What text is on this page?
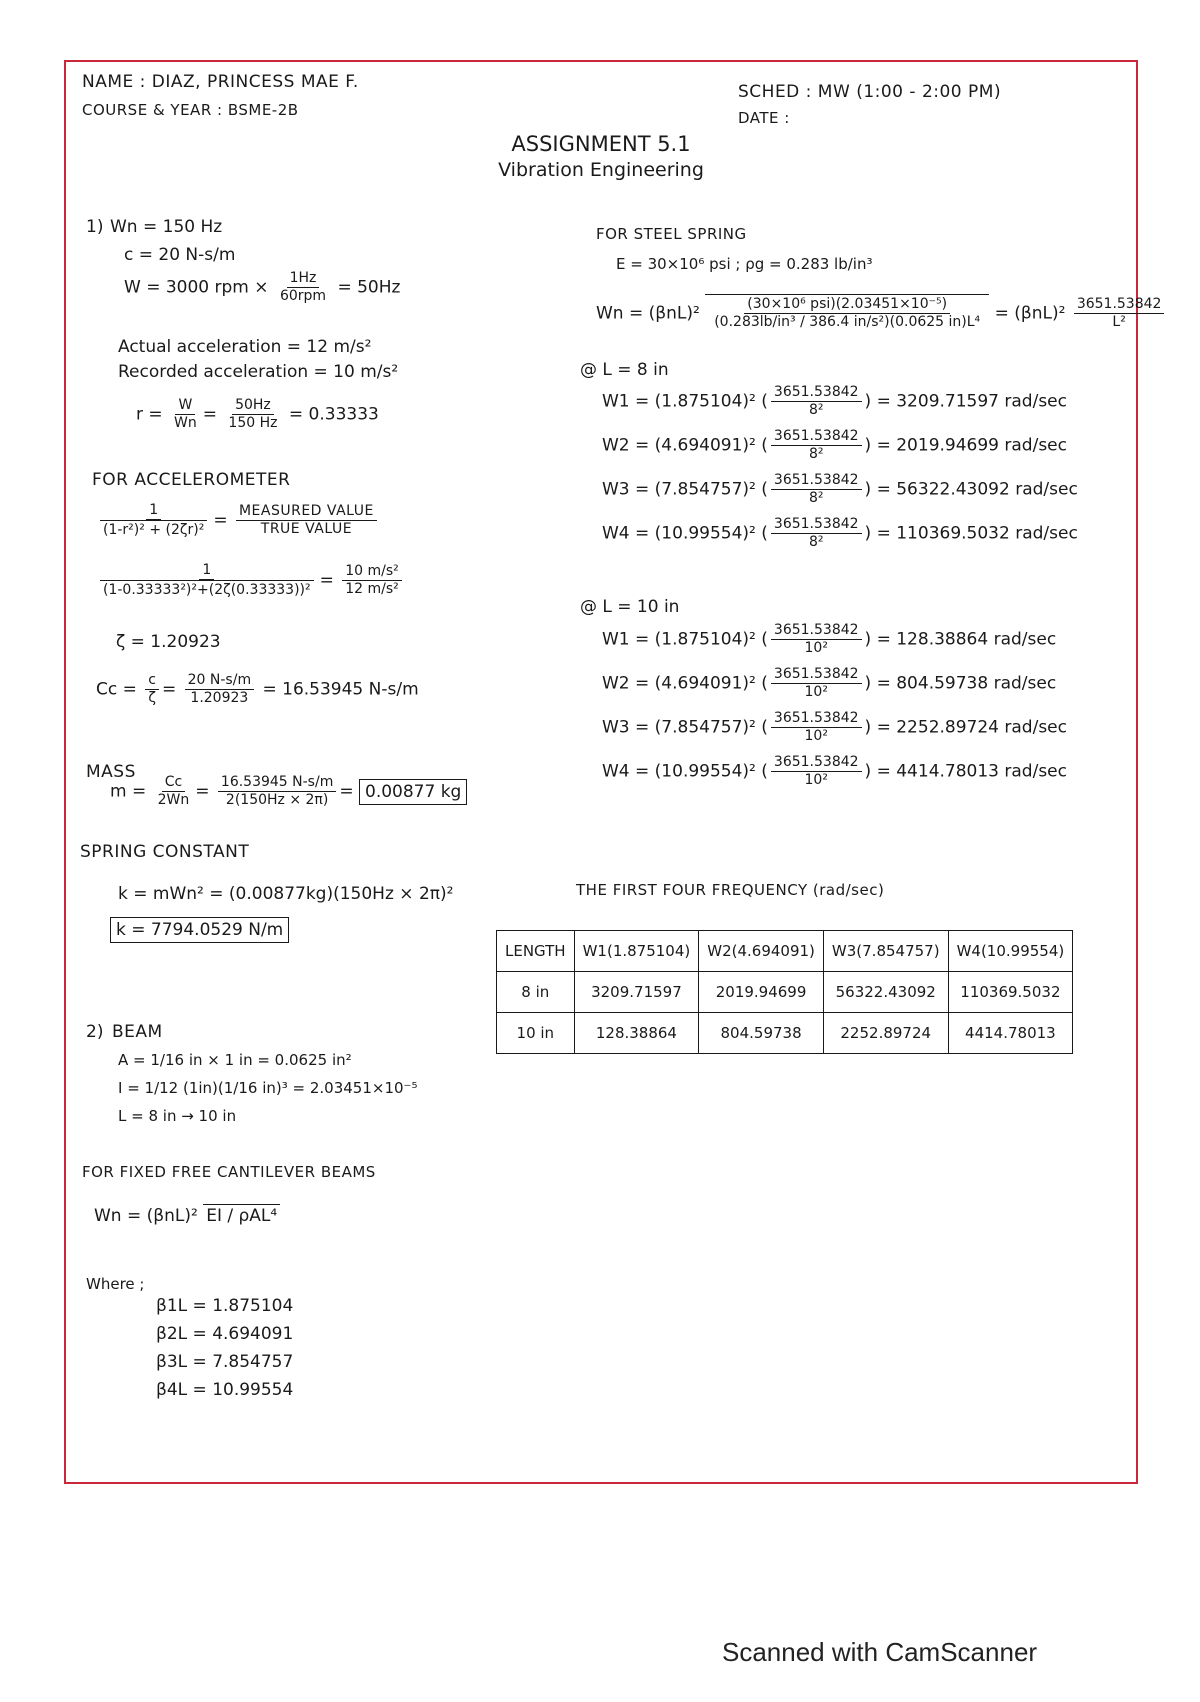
NAME : DIAZ, PRINCESS MAE F.
COURSE & YEAR : BSME-2B
SCHED : MW (1:00 - 2:00 PM)
DATE :
ASSIGNMENT 5.1
Vibration Engineering
1) Wn = 150 Hz
c = 20 N-s/m
W = 3000 rpm × $\frac{1Hz}{\text{60rpm}} = 50Hz$
Actual acceleration = 12 m/s²
Recorded acceleration = 10 m/s²
$r = \frac{W}{Wn} = \frac{50Hz}{150 Hz} = 0.33333$
FOR ACCELEROMETER
$\frac{1}{\text{(1-r²)² + (2ζr)²}} = \frac{\text{MEASURED VALUE}}{\text{TRUE VALUE}}$
$\frac{1}{\text{(1-0.33333²)²+(2ζ(0.33333))²}} = \frac{\text{10 m/s²}}{\text{12 m/s²}}$
ζ = 1.20923
$Cc = \frac{c}{\zeta} = \frac{20 N-s/m}{1.20923} = 16.53945$ N-s/m
MASS
$m = \frac{Cc}{2Wn} = \frac{16.53945 N-s/m}{2(150Hz \times 2\pi)} = 0.00877$ kg
SPRING CONSTANT
k = mWn² = (0.00877kg)(150Hz × 2π)²
k = 7794.0529 N/m
2) BEAM
A = 1/16 in × 1 in = 0.0625 in²
I = 1/12 (1in)(1/16 in)³ = 2.03451×10⁻⁵
L = 8 in → 10 in
FOR FIXED FREE CANTILEVER BEAMS
Wn = (βnL)² EI / ρAL⁴
Where ;
β1L = 1.875104
β2L = 4.694091
β3L = 7.854757
β4L = 10.99554
FOR STEEL SPRING
E = 30×10⁶ psi ; ρg = 0.283 lb/in³
$Wn = (\beta nL)^2 \frac{\text{(30×10⁶ psi)(2.03451×10⁻⁵)}}{\text{(0.283lb/in³ / 386.4 in/s²)(0.0625 in)L⁴}} = (\beta nL)^2 \frac{3651.53842}{\text{L²}}$
@ L = 8 in
W1 = (1.875104)² ( $\frac{3651.53842}{\text{8²}}$ ) = 3209.71597 rad/sec
W2 = (4.694091)² ( $\frac{3651.53842}{\text{8²}}$ ) = 2019.94699 rad/sec
W3 = (7.854757)² ( $\frac{3651.53842}{\text{8²}}$ ) = 56322.43092 rad/sec
W4 = (10.99554)² ( $\frac{3651.53842}{\text{8²}}$ ) = 110369.5032 rad/sec
@ L = 10 in
W1 = (1.875104)² ( $\frac{3651.53842}{\text{10²}}$ ) = 128.38864 rad/sec
W2 = (4.694091)² ( $\frac{3651.53842}{\text{10²}}$ ) = 804.59738 rad/sec
W3 = (7.854757)² ( $\frac{3651.53842}{\text{10²}}$ ) = 2252.89724 rad/sec
W4 = (10.99554)² ( $\frac{3651.53842}{\text{10²}}$ ) = 4414.78013 rad/sec
THE FIRST FOUR FREQUENCY (rad/sec)
LENGTH	W1(1.875104)	W2(4.694091)	W3(7.854757)	W4(10.99554)
8 in	3209.71597	2019.94699	56322.43092	110369.5032
10 in	128.38864	804.59738	2252.89724	4414.78013
Scanned with CamScanner
